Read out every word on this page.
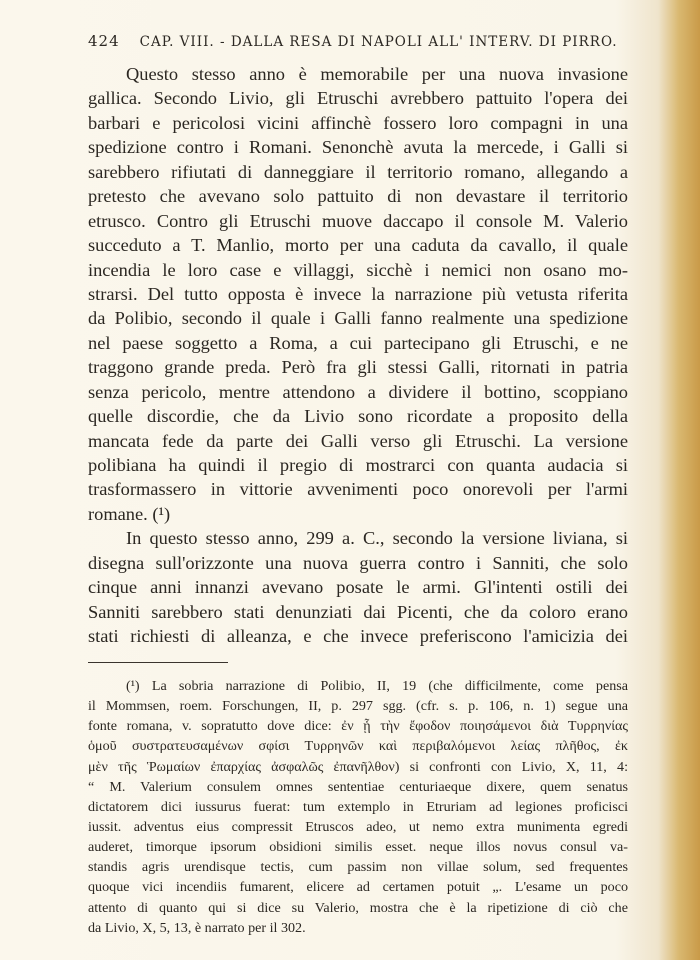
424 CAP. VIII. - DALLA RESA DI NAPOLI ALL' INTERV. DI PIRRO.
Questo stesso anno è memorabile per una nuova invasione
gallica. Secondo Livio, gli Etruschi avrebbero pattuito l'opera dei
barbari e pericolosi vicini affinchè fossero loro compagni in una
spedizione contro i Romani. Senonchè avuta la mercede, i Galli si
sarebbero rifiutati di danneggiare il territorio romano, allegando a
pretesto che avevano solo pattuito di non devastare il territorio
etrusco. Contro gli Etruschi muove daccapo il console M. Valerio
succeduto a T. Manlio, morto per una caduta da cavallo, il quale
incendia le loro case e villaggi, sicchè i nemici non osano mo-
strarsi. Del tutto opposta è invece la narrazione più vetusta riferita
da Polibio, secondo il quale i Galli fanno realmente una spedizione
nel paese soggetto a Roma, a cui partecipano gli Etruschi, e ne
traggono grande preda. Però fra gli stessi Galli, ritornati in patria
senza pericolo, mentre attendono a dividere il bottino, scoppiano
quelle discordie, che da Livio sono ricordate a proposito della
mancata fede da parte dei Galli verso gli Etruschi. La versione
polibiana ha quindi il pregio di mostrarci con quanta audacia si
trasformassero in vittorie avvenimenti poco onorevoli per l'armi
romane. (¹)
In questo stesso anno, 299 a. C., secondo la versione liviana, si
disegna sull'orizzonte una nuova guerra contro i Sanniti, che solo
cinque anni innanzi avevano posate le armi. Gl'intenti ostili dei
Sanniti sarebbero stati denunziati dai Picenti, che da coloro erano
stati richiesti di alleanza, e che invece preferiscono l'amicizia dei
(¹) La sobria narrazione di Polibio, II, 19 (che difficilmente, come pensa
il Mommsen, roem. Forschungen, II, p. 297 sgg. (cfr. s. p. 106, n. 1) segue una
fonte romana, v. sopratutto dove dice: ἐν ᾗ τὴν ἔφοδον ποιησάμενοι διὰ Τυρρηνίας
ὁμοῦ συστρατευσαμένων σφίσι Τυρρηνῶν καὶ περιβαλόμενοι λείας πλῆθος, ἐκ
μὲν τῆς Ῥωμαίων ἐπαρχίας ἀσφαλῶς ἐπανῆλθον) si confronti con Livio, X, 11, 4:
“ M. Valerium consulem omnes sententiae centuriaeque dixere, quem senatus
dictatorem dici iussurus fuerat: tum extemplo in Etruriam ad legiones proficisci
iussit. adventus eius compressit Etruscos adeo, ut nemo extra munimenta egredi
auderet, timorque ipsorum obsidioni similis esset. neque illos novus consul va-
standis agris urendisque tectis, cum passim non villae solum, sed frequentes
quoque vici incendiis fumarent, elicere ad certamen potuit „. L'esame un poco
attento di quanto qui si dice su Valerio, mostra che è la ripetizione di ciò che
da Livio, X, 5, 13, è narrato per il 302.
